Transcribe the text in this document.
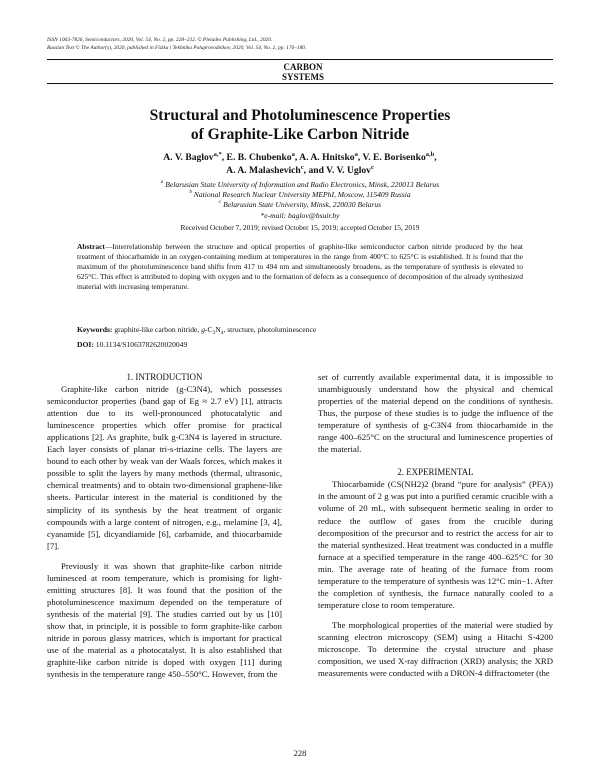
ISSN 1063-7826, Semiconductors, 2020, Vol. 54, No. 2, pp. 228–232. © Pleiades Publishing, Ltd., 2020.
Russian Text © The Author(s), 2020, published in Fizika i Tekhnika Poluprovodnikov, 2020, Vol. 54, No. 2, pp. 176–180.
CARBON
SYSTEMS
Structural and Photoluminescence Properties
of Graphite-Like Carbon Nitride
A. V. Baglov$^{a,*}$, E. B. Chubenko$^a$, A. A. Hnitsko$^a$, V. E. Borisenko$^{a,b}$,
A. A. Malashevich$^c$, and V. V. Uglov$^c$
$^a$ Belarusian State University of Information and Radio Electronics, Minsk, 220013 Belarus
$^b$ National Research Nuclear University MEPhI, Moscow, 115409 Russia
$^c$ Belarusian State University, Minsk, 220030 Belarus
*e-mail: baglov@bsuir.by
Received October 7, 2019; revised October 15, 2019; accepted October 15, 2019
Abstract—Interrelationship between the structure and optical properties of graphite-like semiconductor carbon nitride produced by the heat treatment of thiocarbamide in an oxygen-containing medium at temperatures in the range from 400°C to 625°C is established. It is found that the maximum of the photoluminescence band shifts from 417 to 494 nm and simultaneously broadens, as the temperature of synthesis is elevated to 625°C. This effect is attributed to doping with oxygen and to the formation of defects as a consequence of decomposition of the already synthesized material with increasing temperature.
Keywords: graphite-like carbon nitride, $g-C_3N_4$, structure, photoluminescence
DOI: 10.1134/S1063782620020049

1. INTRODUCTION

Graphite-like carbon nitride (g-C3N4), which possesses semiconductor properties (band gap of Eg ≈ 2.7 eV) [1], attracts attention due to its well-pronounced photocatalytic and luminescence properties which offer promise for practical applications [2]. As graphite, bulk g-C3N4 is layered in structure. Each layer consists of planar tri-s-triazine cells. The layers are bound to each other by weak van der Waals forces, which makes it possible to split the layers by many methods (thermal, ultrasonic, chemical treatments) and to obtain two-dimensional graphene-like sheets. Particular interest in the material is conditioned by the simplicity of its synthesis by the heat treatment of organic compounds with a large content of nitrogen, e.g., melamine [3, 4], cyanamide [5], dicyandiamide [6], carbamide, and thiocarbamide [7].

Previously it was shown that graphite-like carbon nitride luminesced at room temperature, which is promising for light-emitting structures [8]. It was found that the position of the photoluminescence maximum depended on the temperature of synthesis of the material [9]. The studies carried out by us [10] show that, in principle, it is possible to form graphite-like carbon nitride in porous glassy matrices, which is important for practical use of the material as a photocatalyst. It is also established that graphite-like carbon nitride is doped with oxygen [11] during synthesis in the temperature range 450–550°C. However, from the

set of currently available experimental data, it is impossible to unambiguously understand how the physical and chemical properties of the material depend on the conditions of synthesis. Thus, the purpose of these studies is to judge the influence of the temperature of synthesis of g-C3N4 from thiocarbamide in the range 400–625°C on the structural and luminescence properties of the material.

2. EXPERIMENTAL

Thiocarbamide (CS(NH2)2 (brand “pure for analysis” (PFA)) in the amount of 2 g was put into a purified ceramic crucible with a volume of 20 mL, with subsequent hermetic sealing in order to reduce the outflow of gases from the crucible during decomposition of the precursor and to restrict the access for air to the material synthesized. Heat treatment was conducted in a muffle furnace at a specified temperature in the range 400–625°C for 30 min. The average rate of heating of the furnace from room temperature to the temperature of synthesis was 12°C min−1. After the completion of synthesis, the furnace naturally cooled to a temperature close to room temperature.

The morphological properties of the material were studied by scanning electron microscopy (SEM) using a Hitachi S-4200 microscope. To determine the crystal structure and phase composition, we used X-ray diffraction (XRD) analysis; the XRD measurements were conducted with a DRON-4 diffractometer (the

228
